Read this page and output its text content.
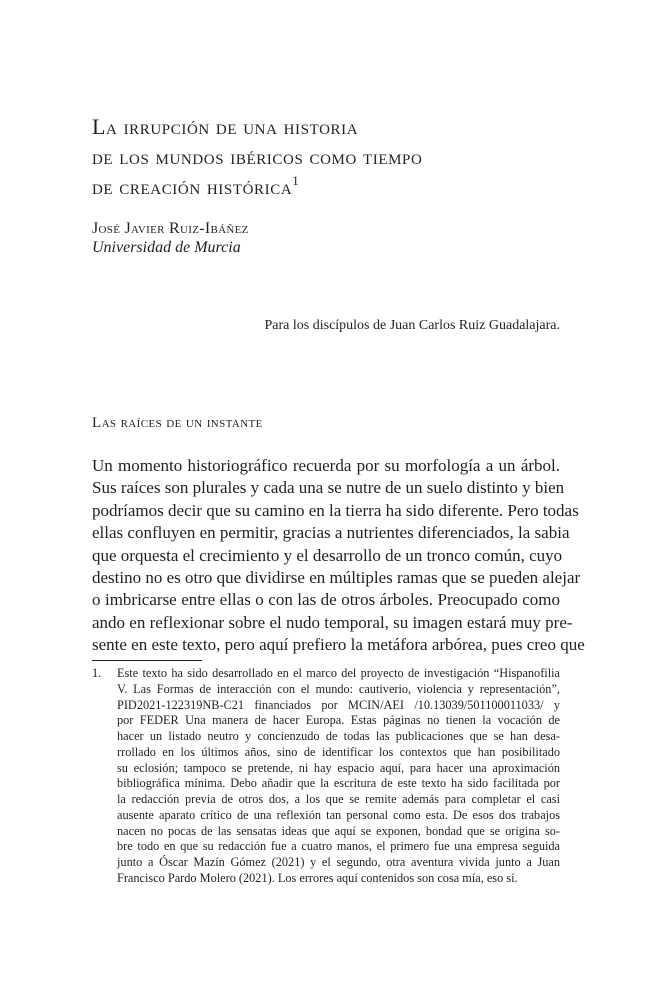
La irrupción de una historia
de los mundos ibéricos como tiempo
de creación histórica$^1$
José Javier Ruiz-Ibáñez
Universidad de Murcia
Para los discípulos de Juan Carlos Ruiz Guadalajara.
Las raíces de un instante
Un momento historiográfico recuerda por su morfología a un árbol.
Sus raíces son plurales y cada una se nutre de un suelo distinto y bien
podríamos decir que su camino en la tierra ha sido diferente. Pero todas
ellas confluyen en permitir, gracias a nutrientes diferenciados, la sabia
que orquesta el crecimiento y el desarrollo de un tronco común, cuyo
destino no es otro que dividirse en múltiples ramas que se pueden alejar
o imbricarse entre ellas o con las de otros árboles. Preocupado como
ando en reflexionar sobre el nudo temporal, su imagen estará muy pre-
sente en este texto, pero aquí prefiero la metáfora arbórea, pues creo que
1. Este texto ha sido desarrollado en el marco del proyecto de investigación “Hispanofilia
V. Las Formas de interacción con el mundo: cautiverio, violencia y representación”,
PID2021-122319NB-C21 financiados por MCIN/AEI /10.13039/501100011033/ y
por FEDER Una manera de hacer Europa. Estas páginas no tienen la vocación de
hacer un listado neutro y concienzudo de todas las publicaciones que se han desa-
rrollado en los últimos años, sino de identificar los contextos que han posibilitado
su eclosión; tampoco se pretende, ni hay espacio aquí, para hacer una aproximación
bibliográfica mínima. Debo añadir que la escritura de este texto ha sido facilitada por
la redacción previa de otros dos, a los que se remite además para completar el casi
ausente aparato crítico de una reflexión tan personal como esta. De esos dos trabajos
nacen no pocas de las sensatas ideas que aquí se exponen, bondad que se origina so-
bre todo en que su redacción fue a cuatro manos, el primero fue una empresa seguida
junto a Óscar Mazín Gómez (2021) y el segundo, otra aventura vivida junto a Juan
Francisco Pardo Molero (2021). Los errores aquí contenidos son cosa mía, eso sí.
